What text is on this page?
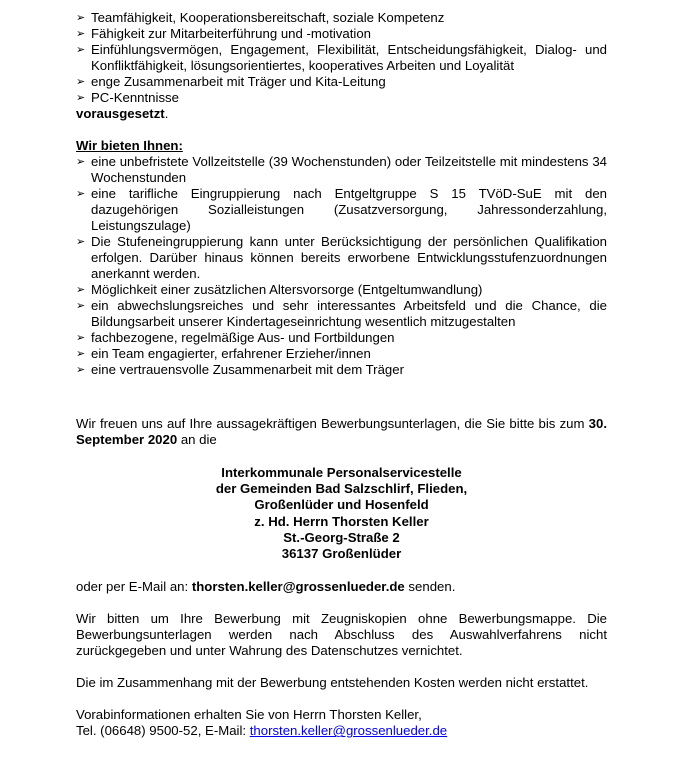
➢ Teamfähigkeit, Kooperationsbereitschaft, soziale Kompetenz
➢ Fähigkeit zur Mitarbeiterführung und -motivation
➢ Einfühlungsvermögen, Engagement, Flexibilität, Entscheidungsfähigkeit, Dialog- und Konfliktfähigkeit, lösungsorientiertes, kooperatives Arbeiten und Loyalität
➢ enge Zusammenarbeit mit Träger und Kita-Leitung
➢ PC-Kenntnisse

vorausgesetzt.

Wir bieten Ihnen:
➢ eine unbefristete Vollzeitstelle (39 Wochenstunden) oder Teilzeitstelle mit mindestens 34 Wochenstunden
➢ eine tarifliche Eingruppierung nach Entgeltgruppe S 15 TVöD-SuE mit den dazugehörigen Sozialleistungen (Zusatzversorgung, Jahressonderzahlung, Leistungszulage)
➢ Die Stufeneingruppierung kann unter Berücksichtigung der persönlichen Qualifikation erfolgen. Darüber hinaus können bereits erworbene Entwicklungsstufenzuordnungen anerkannt werden.
➢ Möglichkeit einer zusätzlichen Altersvorsorge (Entgeltumwandlung)
➢ ein abwechslungsreiches und sehr interessantes Arbeitsfeld und die Chance, die Bildungsarbeit unserer Kindertageseinrichtung wesentlich mitzugestalten
➢ fachbezogene, regelmäßige Aus- und Fortbildungen
➢ ein Team engagierter, erfahrener Erzieher/innen
➢ eine vertrauensvolle Zusammenarbeit mit dem Träger

Wir freuen uns auf Ihre aussagekräftigen Bewerbungsunterlagen, die Sie bitte bis zum 30. September 2020 an die

Interkommunale Personalservicestelle
der Gemeinden Bad Salzschlirf, Flieden,
Großenlüder und Hosenfeld
z. Hd. Herrn Thorsten Keller
St.-Georg-Straße 2
36137 Großenlüder

oder per E-Mail an: thorsten.keller@grossenlueder.de senden.

Wir bitten um Ihre Bewerbung mit Zeugniskopien ohne Bewerbungsmappe. Die Bewerbungsunterlagen werden nach Abschluss des Auswahlverfahrens nicht zurückgegeben und unter Wahrung des Datenschutzes vernichtet.

Die im Zusammenhang mit der Bewerbung entstehenden Kosten werden nicht erstattet.

Vorabinformationen erhalten Sie von Herrn Thorsten Keller,
Tel. (06648) 9500-52, E-Mail: thorsten.keller@grossenlueder.de
